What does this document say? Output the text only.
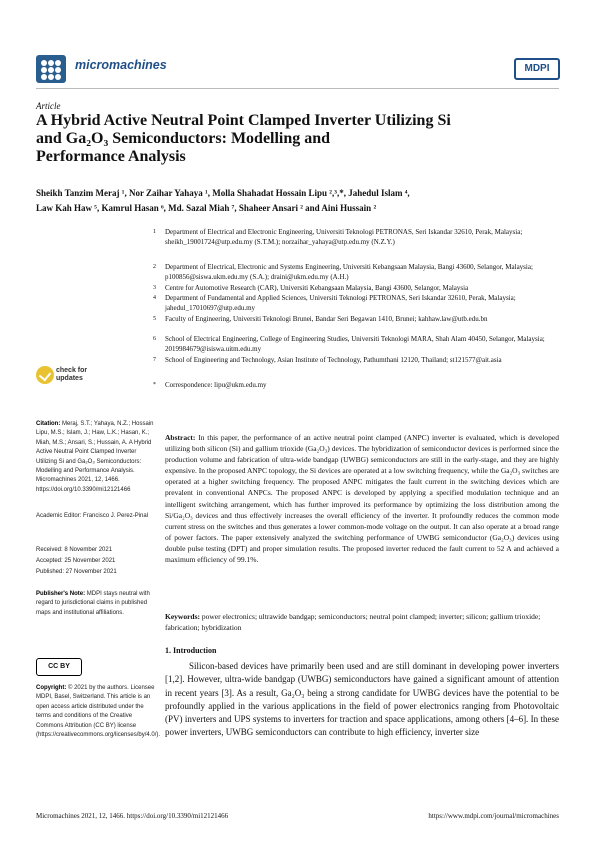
micromachines	MDPI
Article
A Hybrid Active Neutral Point Clamped Inverter Utilizing Si
and Ga₂O₃ Semiconductors: Modelling and
Performance Analysis
Sheikh Tanzim Meraj ¹, Nor Zaihar Yahaya ¹, Molla Shahadat Hossain Lipu ²,³,*, Jahedul Islam ⁴,
Law Kah Haw ⁵, Kamrul Hasan ⁶, Md. Sazal Miah ⁷, Shaheer Ansari ² and Aini Hussain ²
1 Department of Electrical and Electronic Engineering, Universiti Teknologi PETRONAS, Seri Iskandar 32610, Perak, Malaysia; sheikh_19001724@utp.edu.my (S.T.M.); norzaihar_yahaya@utp.edu.my (N.Z.Y.)
2 Department of Electrical, Electronic and Systems Engineering, Universiti Kebangsaan Malaysia, Bangi 43600, Selangor, Malaysia; p100856@siswa.ukm.edu.my (S.A.); draini@ukm.edu.my (A.H.)
3 Centre for Automotive Research (CAR), Universiti Kebangsaan Malaysia, Bangi 43600, Selangor, Malaysia
4 Department of Fundamental and Applied Sciences, Universiti Teknologi PETRONAS, Seri Iskandar 32610, Perak, Malaysia; jahedul_17010697@utp.edu.my
5 Faculty of Engineering, Universiti Teknologi Brunei, Bandar Seri Begawan 1410, Brunei; kahhaw.law@utb.edu.bn
6 School of Electrical Engineering, College of Engineering Studies, Universiti Teknologi MARA, Shah Alam 40450, Selangor, Malaysia; 2019984679@isiswa.uitm.edu.my
7 School of Engineering and Technology, Asian Institute of Technology, Pathumthani 12120, Thailand; st121577@ait.asia
* Correspondence: lipu@ukm.edu.my
check for updates
Citation: Meraj, S.T.; Yahaya, N.Z.; Hossain Lipu, M.S.; Islam, J.; Haw, L.K.; Hasan, K.; Miah, M.S.; Ansari, S.; Hussain, A. A Hybrid Active Neutral Point Clamped Inverter Utilizing Si and Ga₂O₃ Semiconductors: Modelling and Performance Analysis. Micromachines 2021, 12, 1466. https://doi.org/10.3390/mi12121466
Academic Editor: Francisco J. Perez-Pinal
Received: 8 November 2021
Accepted: 25 November 2021
Published: 27 November 2021
Publisher's Note: MDPI stays neutral with regard to jurisdictional claims in published maps and institutional affiliations.
CC BY
Copyright: © 2021 by the authors. Licensee MDPI, Basel, Switzerland. This article is an open access article distributed under the terms and conditions of the Creative Commons Attribution (CC BY) license (https://creativecommons.org/licenses/by/4.0/).
Abstract: In this paper, the performance of an active neutral point clamped (ANPC) inverter is evaluated, which is developed utilizing both silicon (Si) and gallium trioxide (Ga₂O₃) devices. The hybridization of semiconductor devices is performed since the production volume and fabrication of ultra-wide bandgap (UWBG) semiconductors are still in the early-stage, and they are highly expensive. In the proposed ANPC topology, the Si devices are operated at a low switching frequency, while the Ga₂O₃ switches are operated at a higher switching frequency. The proposed ANPC mitigates the fault current in the switching devices which are prevalent in conventional ANPCs. The proposed ANPC is developed by applying a specified modulation technique and an intelligent switching arrangement, which has further improved its performance by optimizing the loss distribution among the Si/Ga₂O₃ devices and thus effectively increases the overall efficiency of the inverter. It profoundly reduces the common mode current stress on the switches and thus generates a lower common-mode voltage on the output. It can also operate at a broad range of power factors. The paper extensively analyzed the switching performance of UWBG semiconductor (Ga₂O₃) devices using double pulse testing (DPT) and proper simulation results. The proposed inverter reduced the fault current to 52 A and achieved a maximum efficiency of 99.1%.
Keywords: power electronics; ultrawide bandgap; semiconductors; neutral point clamped; inverter; silicon; gallium trioxide; fabrication; hybridization
1. Introduction
Silicon-based devices have primarily been used and are still dominant in developing power inverters [1,2]. However, ultra-wide bandgap (UWBG) semiconductors have gained a significant amount of attention in recent years [3]. As a result, Ga₂O₃ being a strong candidate for UWBG devices have the potential to be profoundly applied in the various applications in the field of power electronics ranging from Photovoltaic (PV) inverters and UPS systems to inverters for traction and space applications, among others [4–6]. In these power inverters, UWBG semiconductors can contribute to high efficiency, inverter size
Micromachines 2021, 12, 1466. https://doi.org/10.3390/mi12121466	https://www.mdpi.com/journal/micromachines
